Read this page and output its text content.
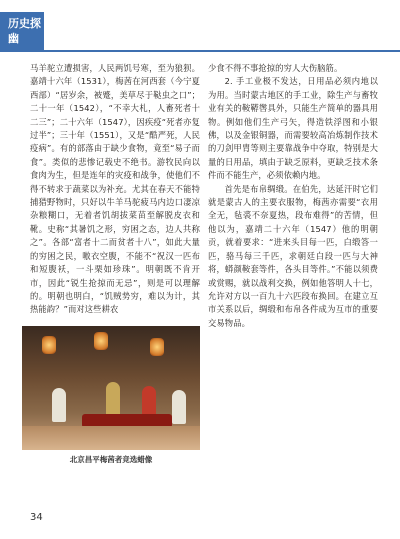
历史探幽

马羊驼立遭损害，人民两饥号寒，至为狼狈。嘉靖十六年（1531），梅茜在河西套（今宁夏西部）“居岁余，被蹙，美草尽于鞑虫之口”；二十一年（1542），“不幸大札，人畜死者十二三”；二十六年（1547），因疾疫“死者亦复过半”；三十年（1551），又是“酷严死，人民疫病”。有的部落由于缺少食物，竟至“易子而食”。类似的悲惨记载史不绝书。游牧民向以食肉为生，但是连年的灾疫和战争，使他们不得不转求于蔬菜以为补充。尤其在春天不能特捕猎野物时，只好以牛羊马驼疲马内边口凄凉杂粮糊口，无着者饥胡拔菜苗至解脱皮衣和靴。史称“其暑饥之形，穷困之态，边人共称之”。各部“富者十二而贫者十八”，如此大量的穷困之民，嗷衣空腹，不能不“祝汉一匹布和短腹袄，一斗栗如珍珠”。明朝既不肯开市，因此“锐生抢掠而无忌”，则是可以理解的。明朝也明白，“饥贼势穷，难以为计，其热能韵？”而对这些耕农

少食不得不事抢掠的穷人大伤脑筋。

2. 手工业极不发达，日用品必须内地以为用。当时蒙古地区的手工业，除生产与畜牧业有关的鞍鞯辔具外，只能生产简单的器具用物。例如他们生产弓矢，得造铁浮图和小银佛，以及金银铜器，而需要较高冶炼制作技术的刀剑甲胄等则主要靠战争中夺取，特别是大量的日用品，填由于缺乏原料，更缺乏技术条件而不能生产，必须依赖内地。

首先是布帛绸缎。在伯先，达延汗时它们就是蒙古人的主要衣服物，梅茜亦需要“衣用全无，毡裘不奈夏热，段布难得”的苦情，但他以为，嘉靖二十六年（1547）他的明朝贡，就着要求：“进来头目每一匹，白缎答一匹，骆马每三千匹，求朝廷白段一匹与大神将，蟒颜鞍套等件，各头目等件。”不能以须费或赏赐，就以战利交换，例如他答明人十七，允许对方以一百九十六匹段布换回。在建立互市关系以后，绸缎和布帛各件成为互市的重要交易物品。

北京昌平梅茜者竞选蜡像
34
